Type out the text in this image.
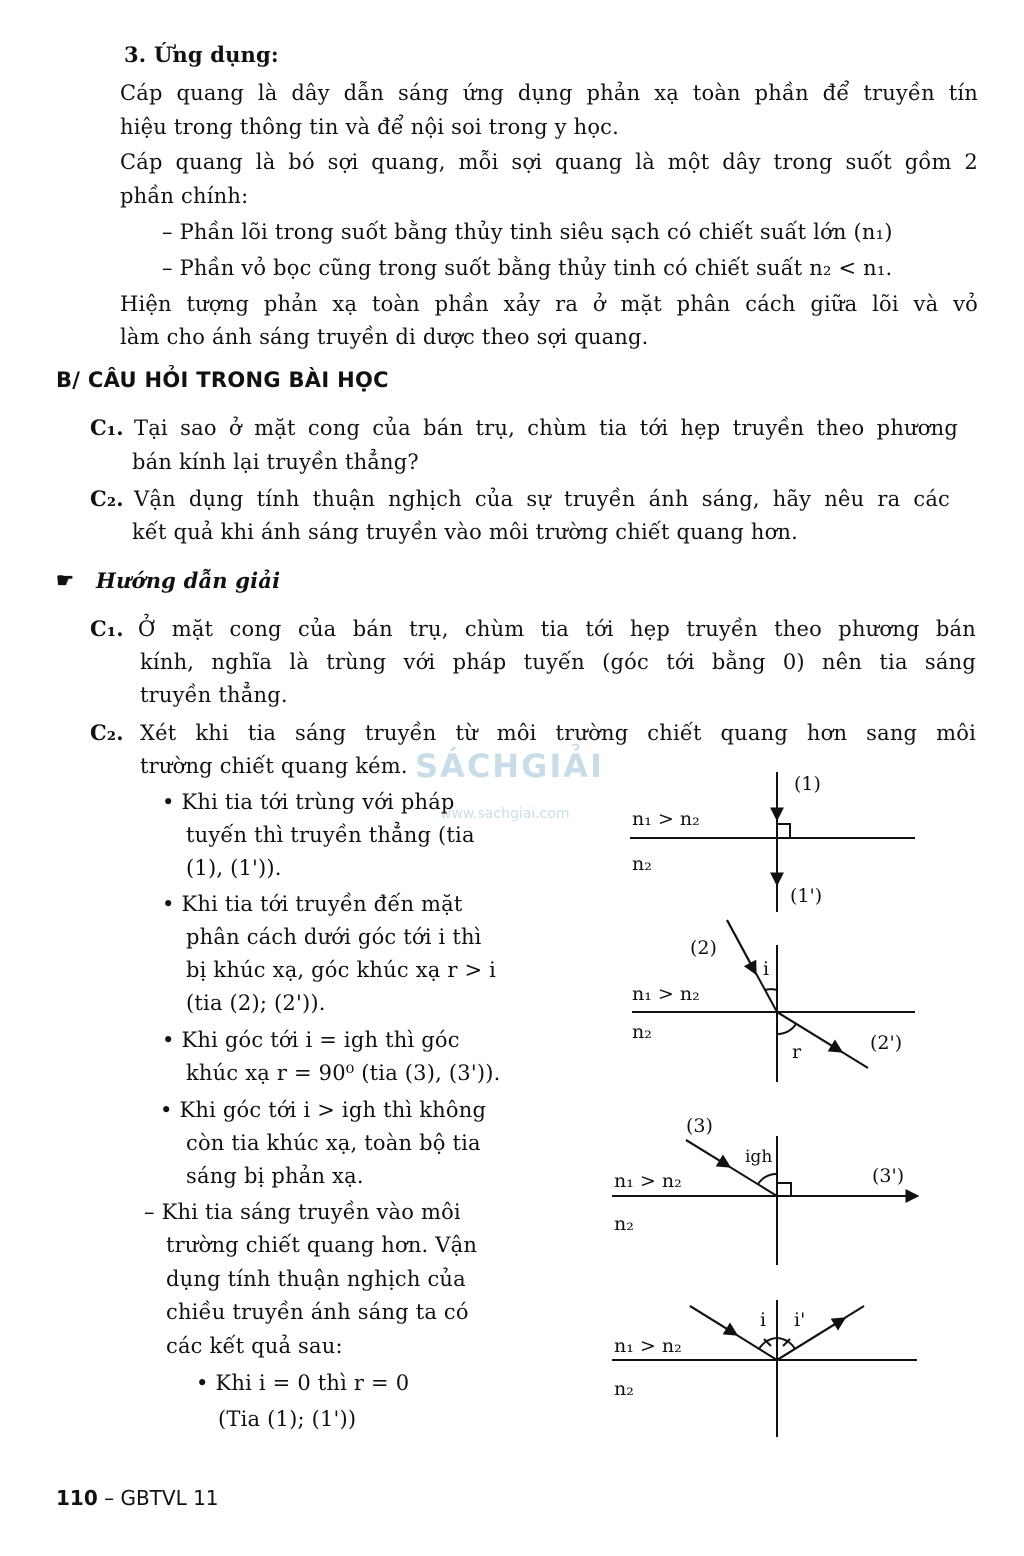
3. Ứng dụng:
Cáp quang là dây dẫn sáng ứng dụng phản xạ toàn phần để truyền tín
hiệu trong thông tin và để nội soi trong y học.
Cáp quang là bó sợi quang, mỗi sợi quang là một dây trong suốt gồm 2
phần chính:
– Phần lõi trong suốt bằng thủy tinh siêu sạch có chiết suất lớn (n₁)
– Phần vỏ bọc cũng trong suốt bằng thủy tinh có chiết suất n₂ < n₁.
Hiện tượng phản xạ toàn phần xảy ra ở mặt phân cách giữa lõi và vỏ
làm cho ánh sáng truyền di dược theo sợi quang.
B/ CÂU HỎI TRONG BÀI HỌC
C₁. Tại sao ở mặt cong của bán trụ, chùm tia tới hẹp truyền theo phương
bán kính lại truyền thẳng?
C₂. Vận dụng tính thuận nghịch của sự truyền ánh sáng, hãy nêu ra các
kết quả khi ánh sáng truyền vào môi trường chiết quang hơn.
☛ Hướng dẫn giải
C₁. Ở mặt cong của bán trụ, chùm tia tới hẹp truyền theo phương bán
kính, nghĩa là trùng với pháp tuyến (góc tới bằng 0) nên tia sáng
truyền thẳng.
C₂. Xét khi tia sáng truyền từ môi trường chiết quang hơn sang môi
trường chiết quang kém. SÁCHGIẢI
www.sachgiai.com
• Khi tia tới trùng với pháp
tuyến thì truyền thẳng (tia
(1), (1')).
• Khi tia tới truyền đến mặt
phân cách dưới góc tới i thì
bị khúc xạ, góc khúc xạ r > i
(tia (2); (2')).
• Khi góc tới i = igh thì góc
khúc xạ r = 90⁰ (tia (3), (3')).
• Khi góc tới i > igh thì không
còn tia khúc xạ, toàn bộ tia
sáng bị phản xạ.
– Khi tia sáng truyền vào môi
trường chiết quang hơn. Vận
dụng tính thuận nghịch của
chiều truyền ánh sáng ta có
các kết quả sau:
• Khi i = 0 thì r = 0
(Tia (1); (1'))
(1)
n₁ > n₂
n₂
(1')
(2)
i
n₁ > n₂
n₂
r	(2')
(3)
igh
(3')
n₁ > n₂
n₂
i i'
n₁ > n₂
n₂
110 – GBTVL 11
